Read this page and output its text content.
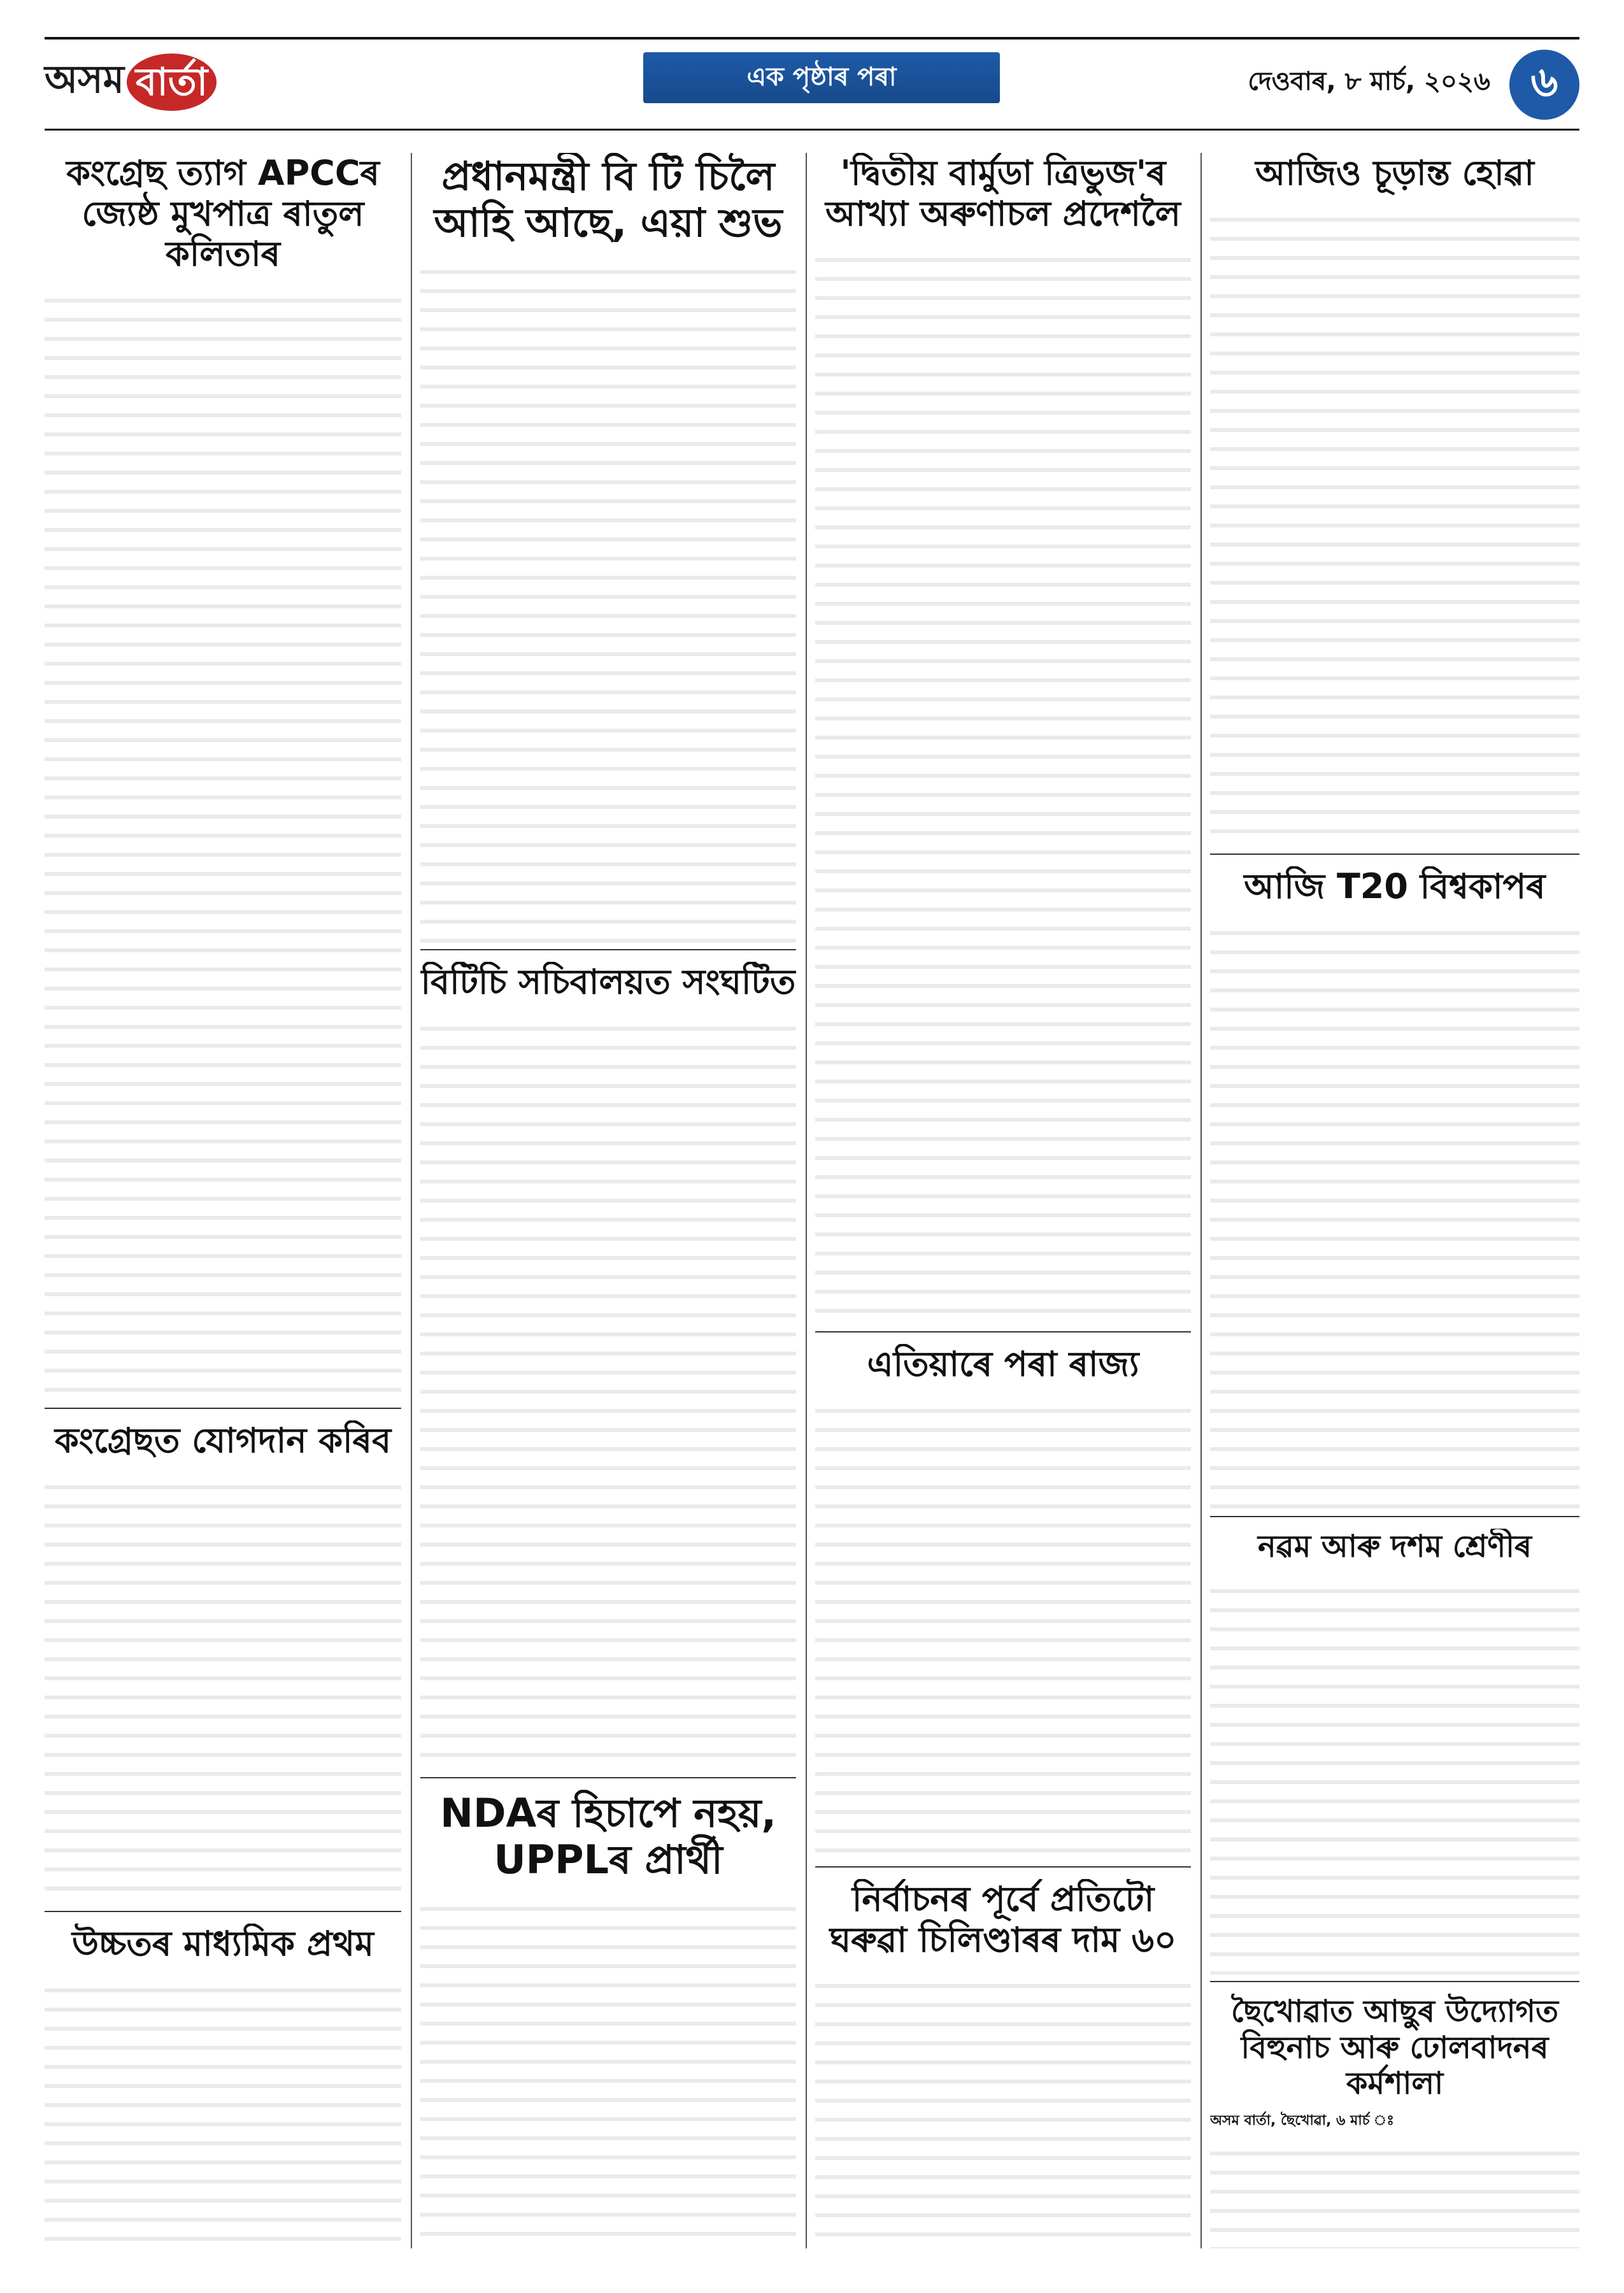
অসম বাৰ্তা	এক পৃষ্ঠাৰ পৰা	দেওবাৰ, ৮ মাৰ্চ, ২০২৬ ৬
কংগ্ৰেছ ত্যাগ APCCৰ জ্যেষ্ঠ মুখপাত্ৰ ৰাতুল কলিতাৰ

কংগ্ৰেছত যোগদান কৰিব

উচ্চতৰ মাধ্যমিক প্ৰথম

প্ৰধানমন্ত্ৰী বি টি চিলৈ আহি আছে, এয়া শুভ

বিটিচি সচিবালয়ত সংঘটিত

NDAৰ হিচাপে নহয়, UPPLৰ প্ৰাৰ্থী

'দ্বিতীয় বাৰ্মুডা ত্ৰিভুজ'ৰ আখ্যা অৰুণাচল প্ৰদেশলৈ

এতিয়াৰে পৰা ৰাজ্য

নিৰ্বাচনৰ পূৰ্বে প্ৰতিটো ঘৰুৱা চিলিণ্ডাৰৰ দাম ৬০

আজিও চূড়ান্ত হোৱা

আজি T20 বিশ্বকাপৰ

নৱম আৰু দশম শ্ৰেণীৰ

ছৈখোৱাত আছুৰ উদ্যোগত বিহুনাচ আৰু ঢোলবাদনৰ কৰ্মশালা

অসম বাৰ্তা, ছৈখোৱা, ৬ মাৰ্চ ঃ
